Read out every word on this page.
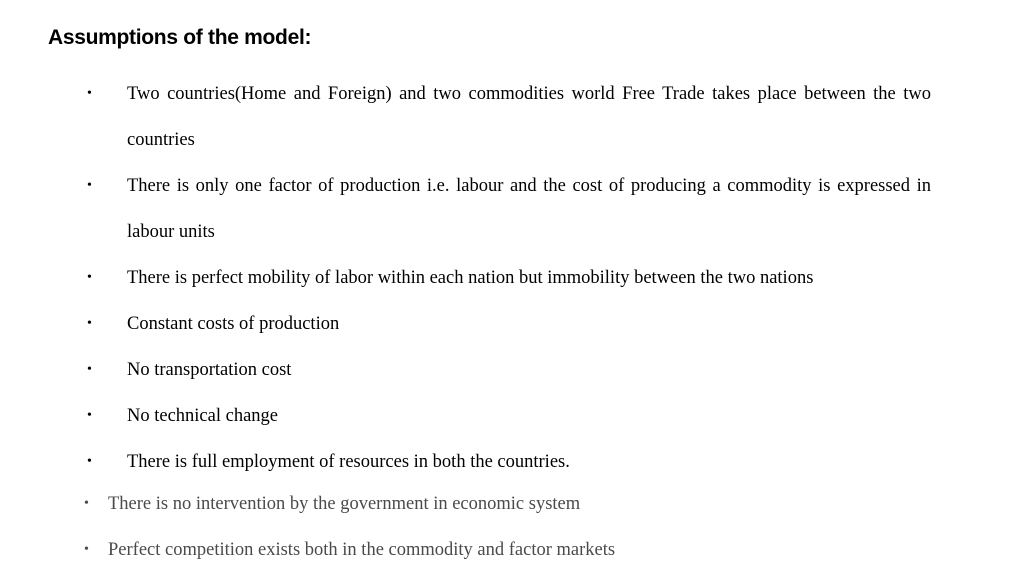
Assumptions of the model:
• Two countries(Home and Foreign) and two commodities world Free Trade takes place between the two countries
• There is only one factor of production i.e. labour and the cost of producing a commodity is expressed in labour units
• There is perfect mobility of labor within each nation but immobility between the two nations
• Constant costs of production
• No transportation cost
• No technical change
• There is full employment of resources in both the countries.
• There is no intervention by the government in economic system
• Perfect competition exists both in the commodity and factor markets
